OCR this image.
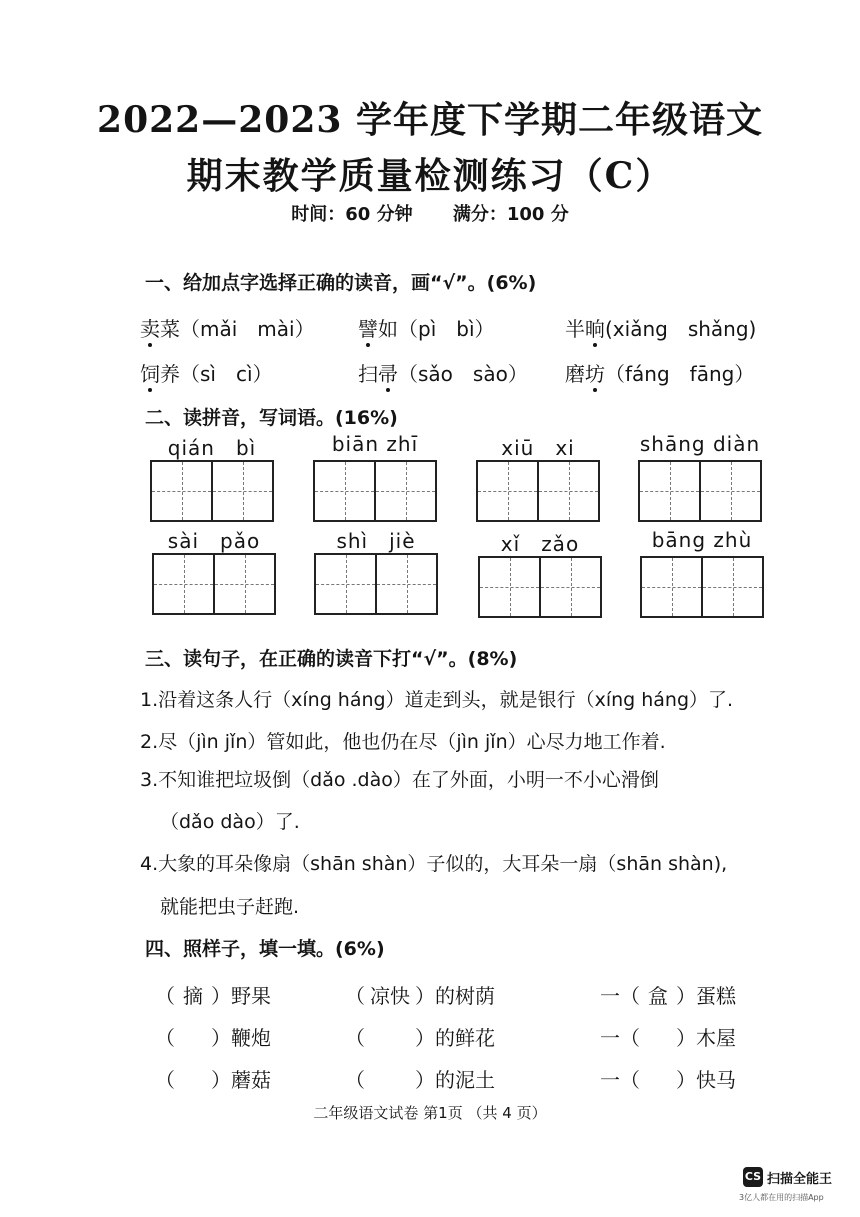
2022—2023 学年度下学期二年级语文
期末教学质量检测练习（C）
时间：60 分钟 满分：100 分
一、给加点字选择正确的读音，画“√”。(6%)
卖菜（mǎi　mài） 譬如（pì　bì）	半晌(xiǎng　shǎng)
饲养（sì　cì）	扫帚（sǎo　sào） 磨坊（fáng　fāng）
二、读拼音，写词语。(16%)
qián　bì	biān zhī	xiū　xi	shāng diàn
sài　pǎo	shì　jiè	xǐ　zǎo	bāng zhù
三、读句子，在正确的读音下打“√”。(8%)
1.沿着这条人行（xíng háng）道走到头，就是银行（xíng háng）了.
2.尽（jìn jǐn）管如此，他也仍在尽（jìn jǐn）心尽力地工作着.
3.不知谁把垃圾倒（dǎo .dào）在了外面，小明一不小心滑倒
（dǎo dào）了.
4.大象的耳朵像扇（shān shàn）子似的，大耳朵一扇（shān shàn),
就能把虫子赶跑.
四、照样子，填一填。(6%)
（ 摘 ）野果	（ 凉快 ）的树荫	一（ 盒 ）蛋糕
（ ）鞭炮	（	）的鲜花	一（ ）木屋
（ ）蘑菇	（	）的泥土	一（ ）快马
二年级语文试卷 第1页 （共 4 页）
CS 扫描全能王
3亿人都在用的扫描App
